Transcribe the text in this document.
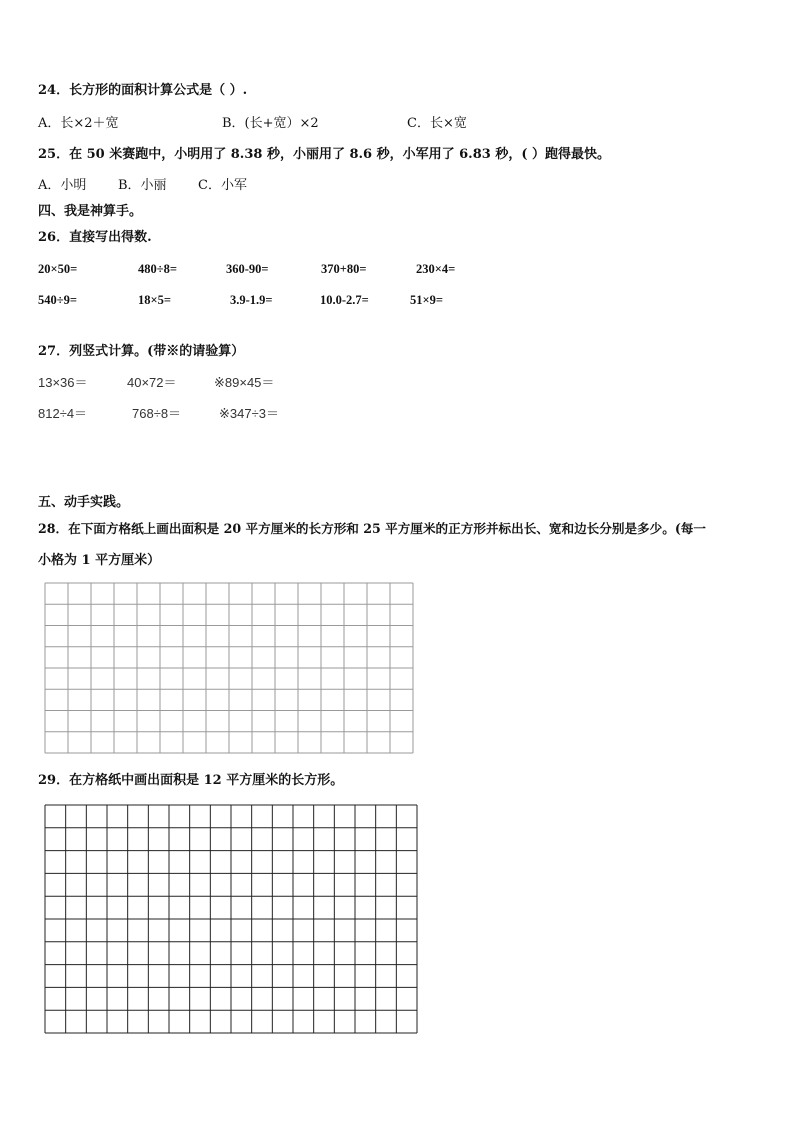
24．长方形的面积计算公式是（ ）.
A．长×2＋宽	B．(长+宽）×2	C．长×宽
25．在 50 米赛跑中，小明用了 8.38 秒，小丽用了 8.6 秒，小军用了 6.83 秒，( ）跑得最快。
A．小明 B．小丽 C．小军
四、我是神算手。
26．直接写出得数.
20×50=	480÷8=	360-90=	370+80=	230×4=
540÷9=	18×5=	3.9-1.9=	10.0-2.7=	51×9=
27．列竖式计算。(带※的请验算）
13×36＝	40×72＝	※89×45＝
812÷4＝	768÷8＝	※347÷3＝
五、动手实践。
28．在下面方格纸上画出面积是 20 平方厘米的长方形和 25 平方厘米的正方形并标出长、宽和边长分别是多少。(每一
小格为 1 平方厘米）
29．在方格纸中画出面积是 12 平方厘米的长方形。
